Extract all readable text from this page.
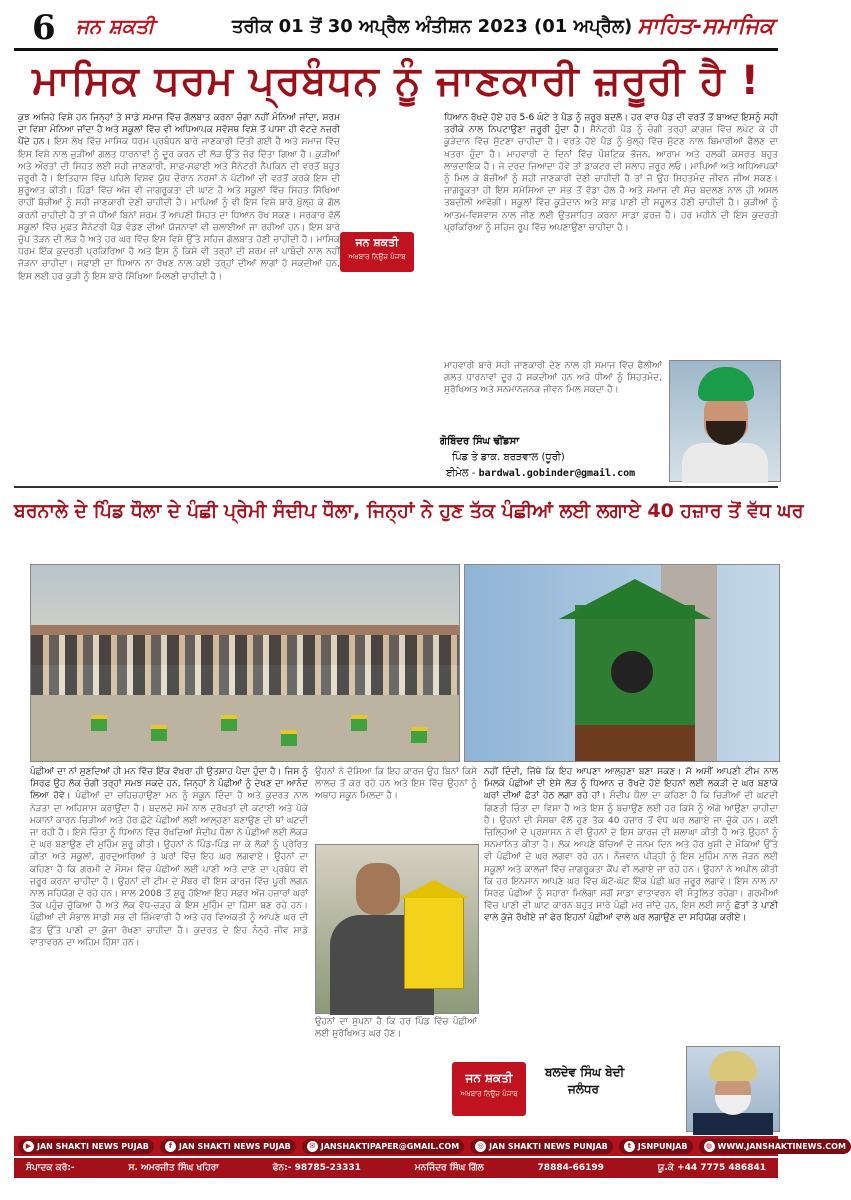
6 ਜਨ ਸ਼ਕਤੀ	ਤਰੀਕ 01 ਤੋਂ 30 ਅਪ੍ਰੈਲ ਅੰਤੀਸ਼ਨ 2023 (01 ਅਪ੍ਰੈਲ) ਸਾਹਿਤ-ਸਮਾਜਿਕ
ਮਾਸਿਕ ਧਰਮ ਪ੍ਰਬੰਧਨ ਨੂੰ ਜਾਣਕਾਰੀ ਜ਼ਰੂਰੀ ਹੈ !
ਕੁਝ ਅਜਿਹੇ ਵਿਸ਼ੇ ਹਨ ਜਿਨ੍ਹਾਂ ਤੇ ਸਾਡੇ ਸਮਾਜ ਵਿੱਚ ਗੱਲਬਾਤ ਕਰਨਾ ਚੰਗਾ ਨਹੀਂ ਮੰਨਿਆਂ ਜਾਂਦਾ, ਸ਼ਰਮ ਦਾ ਵਿਸ਼ਾ ਮੰਨਿਆ ਜਾਂਦਾ ਹੈ ਅਤੇ ਸਕੂਲਾਂ ਵਿੱਚ ਵੀ ਅਧਿਆਪਕ ਸਵੱਸਥ ਵਿਸ਼ੇ ਤੋਂ ਪਾਸਾ ਹੀ ਵੱਟਦੇ ਨਜ਼ਰੀ ਪੈਂਦੇ ਹਨ। ਇਸ ਲੇਖ ਵਿੱਚ ਮਾਸਿਕ ਧਰਮ ਪ੍ਰਬੰਧਨ ਬਾਰੇ ਜਾਣਕਾਰੀ ਦਿੱਤੀ ਗਈ ਹੈ ਅਤੇ ਸਮਾਜ ਵਿੱਚ ਇਸ ਵਿਸ਼ੇ ਨਾਲ ਜੁੜੀਆਂ ਗਲਤ ਧਾਰਨਾਵਾਂ ਨੂੰ ਦੂਰ ਕਰਨ ਦੀ ਲੋੜ ਉੱਤੇ ਜ਼ੋਰ ਦਿੱਤਾ ਗਿਆ ਹੈ। ਕੁੜੀਆਂ ਅਤੇ ਔਰਤਾਂ ਦੀ ਸਿਹਤ ਲਈ ਸਹੀ ਜਾਣਕਾਰੀ, ਸਾਫ਼-ਸਫ਼ਾਈ ਅਤੇ ਸੈਨੇਟਰੀ ਨੈਪਕਿਨ ਦੀ ਵਰਤੋਂ ਬਹੁਤ ਜ਼ਰੂਰੀ ਹੈ। ਇਤਿਹਾਸ ਵਿੱਚ ਪਹਿਲੇ ਵਿਸ਼ਵ ਯੁੱਧ ਦੌਰਾਨ ਨਰਸਾਂ ਨੇ ਪੱਟੀਆਂ ਦੀ ਵਰਤੋਂ ਕਰਕੇ ਇਸ ਦੀ ਸ਼ੁਰੂਆਤ ਕੀਤੀ। ਪਿੰਡਾਂ ਵਿੱਚ ਅੱਜ ਵੀ ਜਾਗਰੂਕਤਾ ਦੀ ਘਾਟ ਹੈ ਅਤੇ ਸਕੂਲਾਂ ਵਿੱਚ ਸਿਹਤ ਸਿੱਖਿਆ ਰਾਹੀਂ ਬੱਚੀਆਂ ਨੂੰ ਸਹੀ ਜਾਣਕਾਰੀ ਦੇਣੀ ਚਾਹੀਦੀ ਹੈ। ਮਾਪਿਆਂ ਨੂੰ ਵੀ ਇਸ ਵਿਸ਼ੇ ਬਾਰੇ ਖੁੱਲ੍ਹ ਕੇ ਗੱਲ ਕਰਨੀ ਚਾਹੀਦੀ ਹੈ ਤਾਂ ਜੋ ਧੀਆਂ ਬਿਨਾਂ ਸ਼ਰਮ ਤੋਂ ਆਪਣੀ ਸਿਹਤ ਦਾ ਧਿਆਨ ਰੱਖ ਸਕਣ। ਸਰਕਾਰ ਵੱਲੋਂ ਸਕੂਲਾਂ ਵਿੱਚ ਮੁਫ਼ਤ ਸੈਨੇਟਰੀ ਪੈਡ ਵੰਡਣ ਦੀਆਂ ਯੋਜਨਾਵਾਂ ਵੀ ਚਲਾਈਆਂ ਜਾ ਰਹੀਆਂ ਹਨ। ਇਸ ਬਾਰੇ ਚੁੱਪ ਤੋੜਨ ਦੀ ਲੋੜ ਹੈ ਅਤੇ ਹਰ ਘਰ ਵਿੱਚ ਇਸ ਵਿਸ਼ੇ ਉੱਤੇ ਸਹਿਜ ਗੱਲਬਾਤ ਹੋਣੀ ਚਾਹੀਦੀ ਹੈ। ਮਾਸਿਕ ਧਰਮ ਇੱਕ ਕੁਦਰਤੀ ਪ੍ਰਕਿਰਿਆ ਹੈ ਅਤੇ ਇਸ ਨੂੰ ਕਿਸੇ ਵੀ ਤਰ੍ਹਾਂ ਦੀ ਸ਼ਰਮ ਜਾਂ ਪਾਬੰਦੀ ਨਾਲ ਨਹੀਂ ਜੋੜਨਾ ਚਾਹੀਦਾ। ਸਫ਼ਾਈ ਦਾ ਧਿਆਨ ਨਾ ਰੱਖਣ ਨਾਲ ਕਈ ਤਰ੍ਹਾਂ ਦੀਆਂ ਲਾਗਾਂ ਹੋ ਸਕਦੀਆਂ ਹਨ, ਇਸ ਲਈ ਹਰ ਕੁੜੀ ਨੂੰ ਇਸ ਬਾਰੇ ਸਿੱਖਿਆ ਮਿਲਣੀ ਚਾਹੀਦੀ ਹੈ।
ਜਨ ਸ਼ਕਤੀ
ਅਖਬਾਰ ਨਿਊਜ਼ ਪੰਜਾਬ
ਧਿਆਨ ਰੱਖਦੇ ਹੋਏ ਹਰ 5-6 ਘੰਟੇ ਤੇ ਪੈਡ ਨੂੰ ਜ਼ਰੂਰ ਬਦਲੋ। ਹਰ ਵਾਰ ਪੈਡ ਦੀ ਵਰਤੋਂ ਤੋਂ ਬਾਅਦ ਇਸਨੂੰ ਸਹੀ ਤਰੀਕੇ ਨਾਲ ਨਿਪਟਾਉਣਾ ਜ਼ਰੂਰੀ ਹੁੰਦਾ ਹੈ। ਸੈਨੇਟਰੀ ਪੈਡ ਨੂੰ ਚੰਗੀ ਤਰ੍ਹਾਂ ਕਾਗਜ਼ ਵਿੱਚ ਲਪੇਟ ਕੇ ਹੀ ਕੂੜੇਦਾਨ ਵਿੱਚ ਸੁੱਟਣਾ ਚਾਹੀਦਾ ਹੈ। ਵਰਤੇ ਹੋਏ ਪੈਡ ਨੂੰ ਖੁੱਲ੍ਹੇ ਵਿੱਚ ਸੁੱਟਣ ਨਾਲ ਬਿਮਾਰੀਆਂ ਫੈਲਣ ਦਾ ਖ਼ਤਰਾ ਹੁੰਦਾ ਹੈ। ਮਾਹਵਾਰੀ ਦੇ ਦਿਨਾਂ ਵਿੱਚ ਪੌਸ਼ਟਿਕ ਭੋਜਨ, ਆਰਾਮ ਅਤੇ ਹਲਕੀ ਕਸਰਤ ਬਹੁਤ ਲਾਭਦਾਇਕ ਹੈ। ਜੇ ਦਰਦ ਜ਼ਿਆਦਾ ਹੋਵੇ ਤਾਂ ਡਾਕਟਰ ਦੀ ਸਲਾਹ ਜ਼ਰੂਰ ਲਓ। ਮਾਪਿਆਂ ਅਤੇ ਅਧਿਆਪਕਾਂ ਨੂੰ ਮਿਲ ਕੇ ਬੱਚੀਆਂ ਨੂੰ ਸਹੀ ਜਾਣਕਾਰੀ ਦੇਣੀ ਚਾਹੀਦੀ ਹੈ ਤਾਂ ਜੋ ਉਹ ਸਿਹਤਮੰਦ ਜੀਵਨ ਜੀਅ ਸਕਣ। ਜਾਗਰੂਕਤਾ ਹੀ ਇਸ ਸਮੱਸਿਆ ਦਾ ਸਭ ਤੋਂ ਵੱਡਾ ਹੱਲ ਹੈ ਅਤੇ ਸਮਾਜ ਦੀ ਸੋਚ ਬਦਲਣ ਨਾਲ ਹੀ ਅਸਲ ਤਬਦੀਲੀ ਆਵੇਗੀ। ਸਕੂਲਾਂ ਵਿੱਚ ਕੂੜੇਦਾਨ ਅਤੇ ਸਾਫ਼ ਪਾਣੀ ਦੀ ਸਹੂਲਤ ਹੋਣੀ ਚਾਹੀਦੀ ਹੈ। ਕੁੜੀਆਂ ਨੂੰ ਆਤਮ-ਵਿਸ਼ਵਾਸ ਨਾਲ ਜੀਣ ਲਈ ਉਤਸ਼ਾਹਿਤ ਕਰਨਾ ਸਾਡਾ ਫ਼ਰਜ਼ ਹੈ। ਹਰ ਮਹੀਨੇ ਦੀ ਇਸ ਕੁਦਰਤੀ ਪ੍ਰਕਿਰਿਆ ਨੂੰ ਸਹਿਜ ਰੂਪ ਵਿੱਚ ਅਪਣਾਉਣਾ ਚਾਹੀਦਾ ਹੈ।
ਮਾਹਵਾਰੀ ਬਾਰੇ ਸਹੀ ਜਾਣਕਾਰੀ ਦੇਣ ਨਾਲ ਹੀ ਸਮਾਜ ਵਿੱਚ ਫੈਲੀਆਂ ਗਲਤ ਧਾਰਨਾਵਾਂ ਦੂਰ ਹੋ ਸਕਦੀਆਂ ਹਨ ਅਤੇ ਧੀਆਂ ਨੂੰ ਸਿਹਤਮੰਦ, ਸੁਰੱਖਿਅਤ ਅਤੇ ਸਨਮਾਨਜਨਕ ਜੀਵਨ ਮਿਲ ਸਕਦਾ ਹੈ।
ਗੋਬਿੰਦਰ ਸਿੰਘ ਢੀਂਡਸਾ
ਪਿੰਡ ਤੇ ਡਾਕ. ਬਰੜਵਾਲ (ਧੂਰੀ)
ਈਮੇਲ - bardwal.gobinder@gmail.com
ਬਰਨਾਲੇ ਦੇ ਪਿੰਡ ਧੌਲਾ ਦੇ ਪੰਛੀ ਪ੍ਰੇਮੀ ਸੰਦੀਪ ਧੌਲਾ, ਜਿਨ੍ਹਾਂ ਨੇ ਹੁਣ ਤੱਕ ਪੰਛੀਆਂ ਲਈ ਲਗਾਏ 40 ਹਜ਼ਾਰ ਤੋਂ ਵੱਧ ਘਰ
ਪੰਛੀਆਂ ਦਾ ਨਾਂ ਸੁਣਦਿਆਂ ਹੀ ਮਨ ਵਿੱਚ ਇੱਕ ਵੱਖਰਾ ਹੀ ਉਤਸ਼ਾਹ ਪੈਦਾ ਹੁੰਦਾ ਹੈ। ਜਿਸ ਨੂੰ ਸਿਰਫ਼ ਉਹ ਲੋਕ ਚੰਗੀ ਤਰ੍ਹਾਂ ਸਮਝ ਸਕਦੇ ਹਨ, ਜਿਨ੍ਹਾਂ ਨੇ ਪੰਛੀਆਂ ਨੂੰ ਦੇਖਣ ਦਾ ਆਨੰਦ ਲਿਆ ਹੋਵੇ। ਪੰਛੀਆਂ ਦਾ ਚਹਿਚਹਾਉਣਾ ਮਨ ਨੂੰ ਸਕੂਨ ਦਿੰਦਾ ਹੈ ਅਤੇ ਕੁਦਰਤ ਨਾਲ ਨੇੜਤਾ ਦਾ ਅਹਿਸਾਸ ਕਰਾਉਂਦਾ ਹੈ। ਬਦਲਦੇ ਸਮੇਂ ਨਾਲ ਦਰੱਖਤਾਂ ਦੀ ਕਟਾਈ ਅਤੇ ਪੱਕੇ ਮਕਾਨਾਂ ਕਾਰਨ ਚਿੜੀਆਂ ਅਤੇ ਹੋਰ ਛੋਟੇ ਪੰਛੀਆਂ ਲਈ ਆਲ੍ਹਣਾ ਬਣਾਉਣ ਦੀ ਥਾਂ ਘਟਦੀ ਜਾ ਰਹੀ ਹੈ। ਇਸੇ ਚਿੰਤਾ ਨੂੰ ਧਿਆਨ ਵਿੱਚ ਰੱਖਦਿਆਂ ਸੰਦੀਪ ਧੌਲਾ ਨੇ ਪੰਛੀਆਂ ਲਈ ਲੱਕੜ ਦੇ ਘਰ ਬਣਾਉਣ ਦੀ ਮੁਹਿੰਮ ਸ਼ੁਰੂ ਕੀਤੀ। ਉਹਨਾਂ ਨੇ ਪਿੰਡ-ਪਿੰਡ ਜਾ ਕੇ ਲੋਕਾਂ ਨੂੰ ਪ੍ਰੇਰਿਤ ਕੀਤਾ ਅਤੇ ਸਕੂਲਾਂ, ਗੁਰਦੁਆਰਿਆਂ ਤੇ ਘਰਾਂ ਵਿੱਚ ਇਹ ਘਰ ਲਗਵਾਏ। ਉਹਨਾਂ ਦਾ ਕਹਿਣਾ ਹੈ ਕਿ ਗਰਮੀ ਦੇ ਮੌਸਮ ਵਿੱਚ ਪੰਛੀਆਂ ਲਈ ਪਾਣੀ ਅਤੇ ਦਾਣੇ ਦਾ ਪ੍ਰਬੰਧ ਵੀ ਜ਼ਰੂਰ ਕਰਨਾ ਚਾਹੀਦਾ ਹੈ। ਉਹਨਾਂ ਦੀ ਟੀਮ ਦੇ ਮੈਂਬਰ ਵੀ ਇਸ ਕਾਰਜ ਵਿੱਚ ਪੂਰੀ ਲਗਨ ਨਾਲ ਸਹਿਯੋਗ ਦੇ ਰਹੇ ਹਨ। ਸਾਲ 2008 ਤੋਂ ਸ਼ੁਰੂ ਹੋਇਆ ਇਹ ਸਫ਼ਰ ਅੱਜ ਹਜ਼ਾਰਾਂ ਘਰਾਂ ਤੱਕ ਪਹੁੰਚ ਚੁੱਕਿਆ ਹੈ ਅਤੇ ਲੋਕ ਵੱਧ-ਚੜ੍ਹ ਕੇ ਇਸ ਮੁਹਿੰਮ ਦਾ ਹਿੱਸਾ ਬਣ ਰਹੇ ਹਨ। ਪੰਛੀਆਂ ਦੀ ਸੰਭਾਲ ਸਾਡੀ ਸਭ ਦੀ ਜ਼ਿੰਮੇਵਾਰੀ ਹੈ ਅਤੇ ਹਰ ਵਿਅਕਤੀ ਨੂੰ ਆਪਣੇ ਘਰ ਦੀ ਛੱਤ ਉੱਤੇ ਪਾਣੀ ਦਾ ਕੁੱਜਾ ਰੱਖਣਾ ਚਾਹੀਦਾ ਹੈ। ਕੁਦਰਤ ਦੇ ਇਹ ਨੰਨ੍ਹੇ ਜੀਵ ਸਾਡੇ ਵਾਤਾਵਰਨ ਦਾ ਅਹਿਮ ਹਿੱਸਾ ਹਨ।
ਉਹਨਾਂ ਨੇ ਦੱਸਿਆ ਕਿ ਇਹ ਕਾਰਜ ਉਹ ਬਿਨਾਂ ਕਿਸੇ ਲਾਲਚ ਤੋਂ ਕਰ ਰਹੇ ਹਨ ਅਤੇ ਇਸ ਵਿੱਚ ਉਹਨਾਂ ਨੂੰ ਅਥਾਹ ਸਕੂਨ ਮਿਲਦਾ ਹੈ।
ਉਹਨਾਂ ਦਾ ਸੁਪਨਾ ਹੈ ਕਿ ਹਰ ਪਿੰਡ ਵਿੱਚ ਪੰਛੀਆਂ ਲਈ ਸੁਰੱਖਿਅਤ ਘਰ ਹੋਣ।
ਨਹੀਂ ਦਿੰਦੀ, ਜਿੱਥੇ ਕਿ ਇਹ ਆਪਣਾ ਆਲ੍ਹਣਾ ਬਣਾ ਸਕਣ। ਸੋ ਅਸੀਂ ਆਪਣੀ ਟੀਮ ਨਾਲ ਮਿਲਕੇ ਪੰਛੀਆਂ ਦੀ ਏਸੇ ਲੋੜ ਨੂੰ ਧਿਆਨ ਚ ਰੱਖਦੇ ਹੋਏ ਇਹਨਾਂ ਲਈ ਲਕੜੀ ਦੇ ਘਰ ਬਣਾਕੇ ਘਰਾਂ ਦੀਆਂ ਛੱਤਾਂ ਹੇਠ ਲਗਾ ਰਹੇ ਹਾਂ। ਸੰਦੀਪ ਧੌਲਾ ਦਾ ਕਹਿਣਾ ਹੈ ਕਿ ਚਿੜੀਆਂ ਦੀ ਘਟਦੀ ਗਿਣਤੀ ਚਿੰਤਾ ਦਾ ਵਿਸ਼ਾ ਹੈ ਅਤੇ ਇਸ ਨੂੰ ਬਚਾਉਣ ਲਈ ਹਰ ਕਿਸੇ ਨੂੰ ਅੱਗੇ ਆਉਣਾ ਚਾਹੀਦਾ ਹੈ। ਉਹਨਾਂ ਦੀ ਸੰਸਥਾ ਵੱਲੋਂ ਹੁਣ ਤੱਕ 40 ਹਜ਼ਾਰ ਤੋਂ ਵੱਧ ਘਰ ਲਗਾਏ ਜਾ ਚੁੱਕੇ ਹਨ। ਕਈ ਜ਼ਿਲ੍ਹਿਆਂ ਦੇ ਪ੍ਰਸ਼ਾਸਨ ਨੇ ਵੀ ਉਹਨਾਂ ਦੇ ਇਸ ਕਾਰਜ ਦੀ ਸ਼ਲਾਘਾ ਕੀਤੀ ਹੈ ਅਤੇ ਉਹਨਾਂ ਨੂੰ ਸਨਮਾਨਿਤ ਕੀਤਾ ਹੈ। ਲੋਕ ਆਪਣੇ ਬੱਚਿਆਂ ਦੇ ਜਨਮ ਦਿਨ ਅਤੇ ਹੋਰ ਖੁਸ਼ੀ ਦੇ ਮੌਕਿਆਂ ਉੱਤੇ ਵੀ ਪੰਛੀਆਂ ਦੇ ਘਰ ਲਗਵਾ ਰਹੇ ਹਨ। ਨੌਜਵਾਨ ਪੀੜ੍ਹੀ ਨੂੰ ਇਸ ਮੁਹਿੰਮ ਨਾਲ ਜੋੜਨ ਲਈ ਸਕੂਲਾਂ ਅਤੇ ਕਾਲਜਾਂ ਵਿੱਚ ਜਾਗਰੂਕਤਾ ਕੈਂਪ ਵੀ ਲਗਾਏ ਜਾ ਰਹੇ ਹਨ। ਉਹਨਾਂ ਨੇ ਅਪੀਲ ਕੀਤੀ ਕਿ ਹਰ ਇਨਸਾਨ ਆਪਣੇ ਘਰ ਵਿੱਚ ਘੱਟੋ-ਘੱਟ ਇੱਕ ਪੰਛੀ ਘਰ ਜ਼ਰੂਰ ਲਗਾਵੇ। ਇਸ ਨਾਲ ਨਾ ਸਿਰਫ਼ ਪੰਛੀਆਂ ਨੂੰ ਸਹਾਰਾ ਮਿਲੇਗਾ ਸਗੋਂ ਸਾਡਾ ਵਾਤਾਵਰਨ ਵੀ ਸੰਤੁਲਿਤ ਰਹੇਗਾ। ਗਰਮੀਆਂ ਵਿੱਚ ਪਾਣੀ ਦੀ ਘਾਟ ਕਾਰਨ ਬਹੁਤ ਸਾਰੇ ਪੰਛੀ ਮਰ ਜਾਂਦੇ ਹਨ, ਇਸ ਲਈ ਸਾਨੂੰ ਛੱਤਾਂ ਤੇ ਪਾਣੀ ਵਾਲੇ ਕੁੱਜੇ ਰੱਖੀਏ ਜਾਂ ਫੇਰ ਇਹਨਾਂ ਪੰਛੀਆਂ ਵਾਲੇ ਘਰ ਲਗਾਉਣ ਦਾ ਸਹਿਯੋਗ ਕਰੀਏ।
ਜਨ ਸ਼ਕਤੀ
ਅਖਬਾਰ ਨਿਊਜ਼ ਪੰਜਾਬ
ਬਲਦੇਵ ਸਿੰਘ ਬੇਦੀ
ਜਲੰਧਰ
▶ JAN SHAKTI NEWS PUJAB	f JAN SHAKTI NEWS PUJAB	✉ JANSHAKTIPAPER@GMAIL.COM	◎ JAN SHAKTI NEWS PUNJAB	t JSNPUNJAB	◍ WWW.JANSHAKTINEWS.COM
ਸੰਪਾਦਕ ਕਰੋ:-	ਸ. ਅਮਰਜੀਤ ਸਿੰਘ ਖਹਿਰਾ	ਫੋਨ:- 98785-23331	ਮਨਜਿੰਦਰ ਸਿੰਘ ਗਿੱਲ	78884-66199	ਯੂ.ਕੇ +44 7775 486841
